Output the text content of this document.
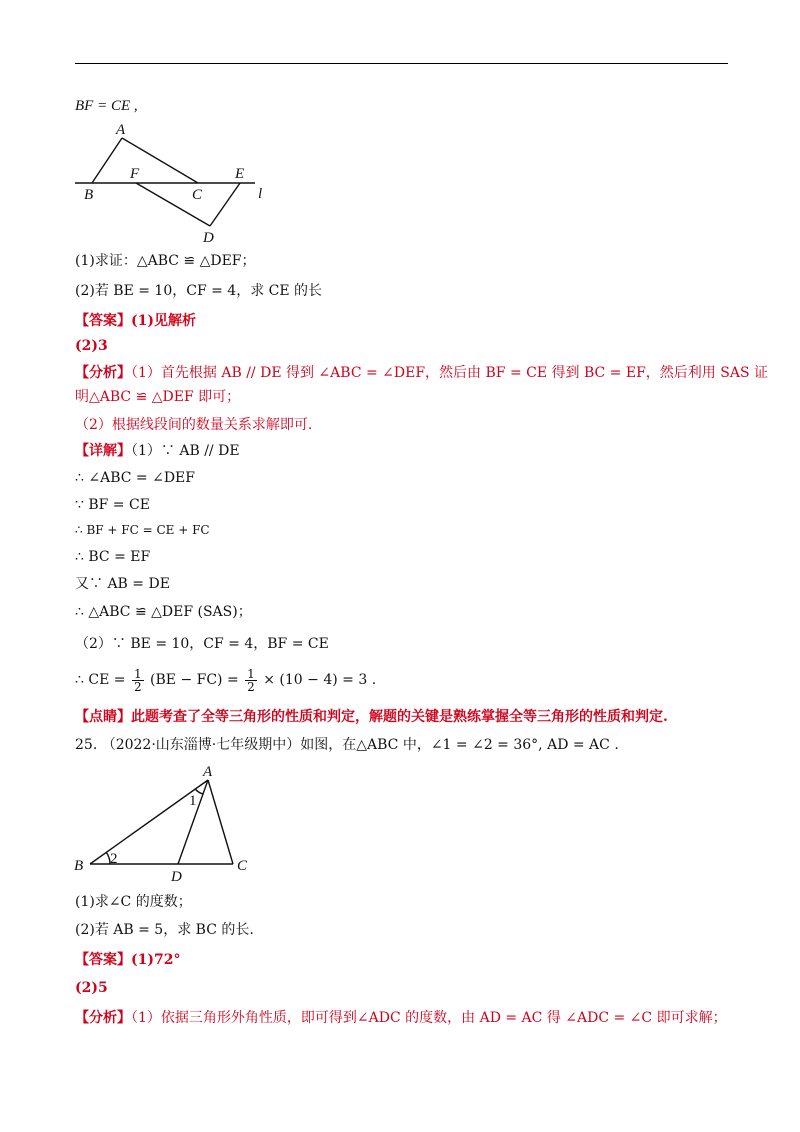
BF = CE ,
A
B
F
C
E
l
D
(1)求证：△ABC ≌ △DEF；
(2)若 BE = 10，CF = 4，求 CE 的长
【答案】(1)见解析
(2)3
【分析】（1）首先根据 AB // DE 得到 ∠ABC = ∠DEF，然后由 BF = CE 得到 BC = EF，然后利用 SAS 证
明△ABC ≌ △DEF 即可；
（2）根据线段间的数量关系求解即可.
【详解】（1）∵ AB // DE
∴ ∠ABC = ∠DEF
∵ BF = CE
∴ BF + FC = CE + FC
∴ BC = EF
又∵ AB = DE
∴ △ABC ≌ △DEF (SAS)；
（2）∵ BE = 10，CF = 4，BF = CE
∴ CE = $\frac{1}{2} (BE - FC) = \frac{1}{2} \times (10 - 4) = 3$ .
【点睛】此题考查了全等三角形的性质和判定，解题的关键是熟练掌握全等三角形的性质和判定.
25. （2022·山东淄博·七年级期中）如图，在△ABC 中，∠1 = ∠2 = 36°, AD = AC .
A
1
B 2
D
C
(1)求∠C 的度数；
(2)若 AB = 5，求 BC 的长.
【答案】(1)72°
(2)5
【分析】（1）依据三角形外角性质，即可得到∠ADC 的度数，由 AD = AC 得 ∠ADC = ∠C 即可求解；
